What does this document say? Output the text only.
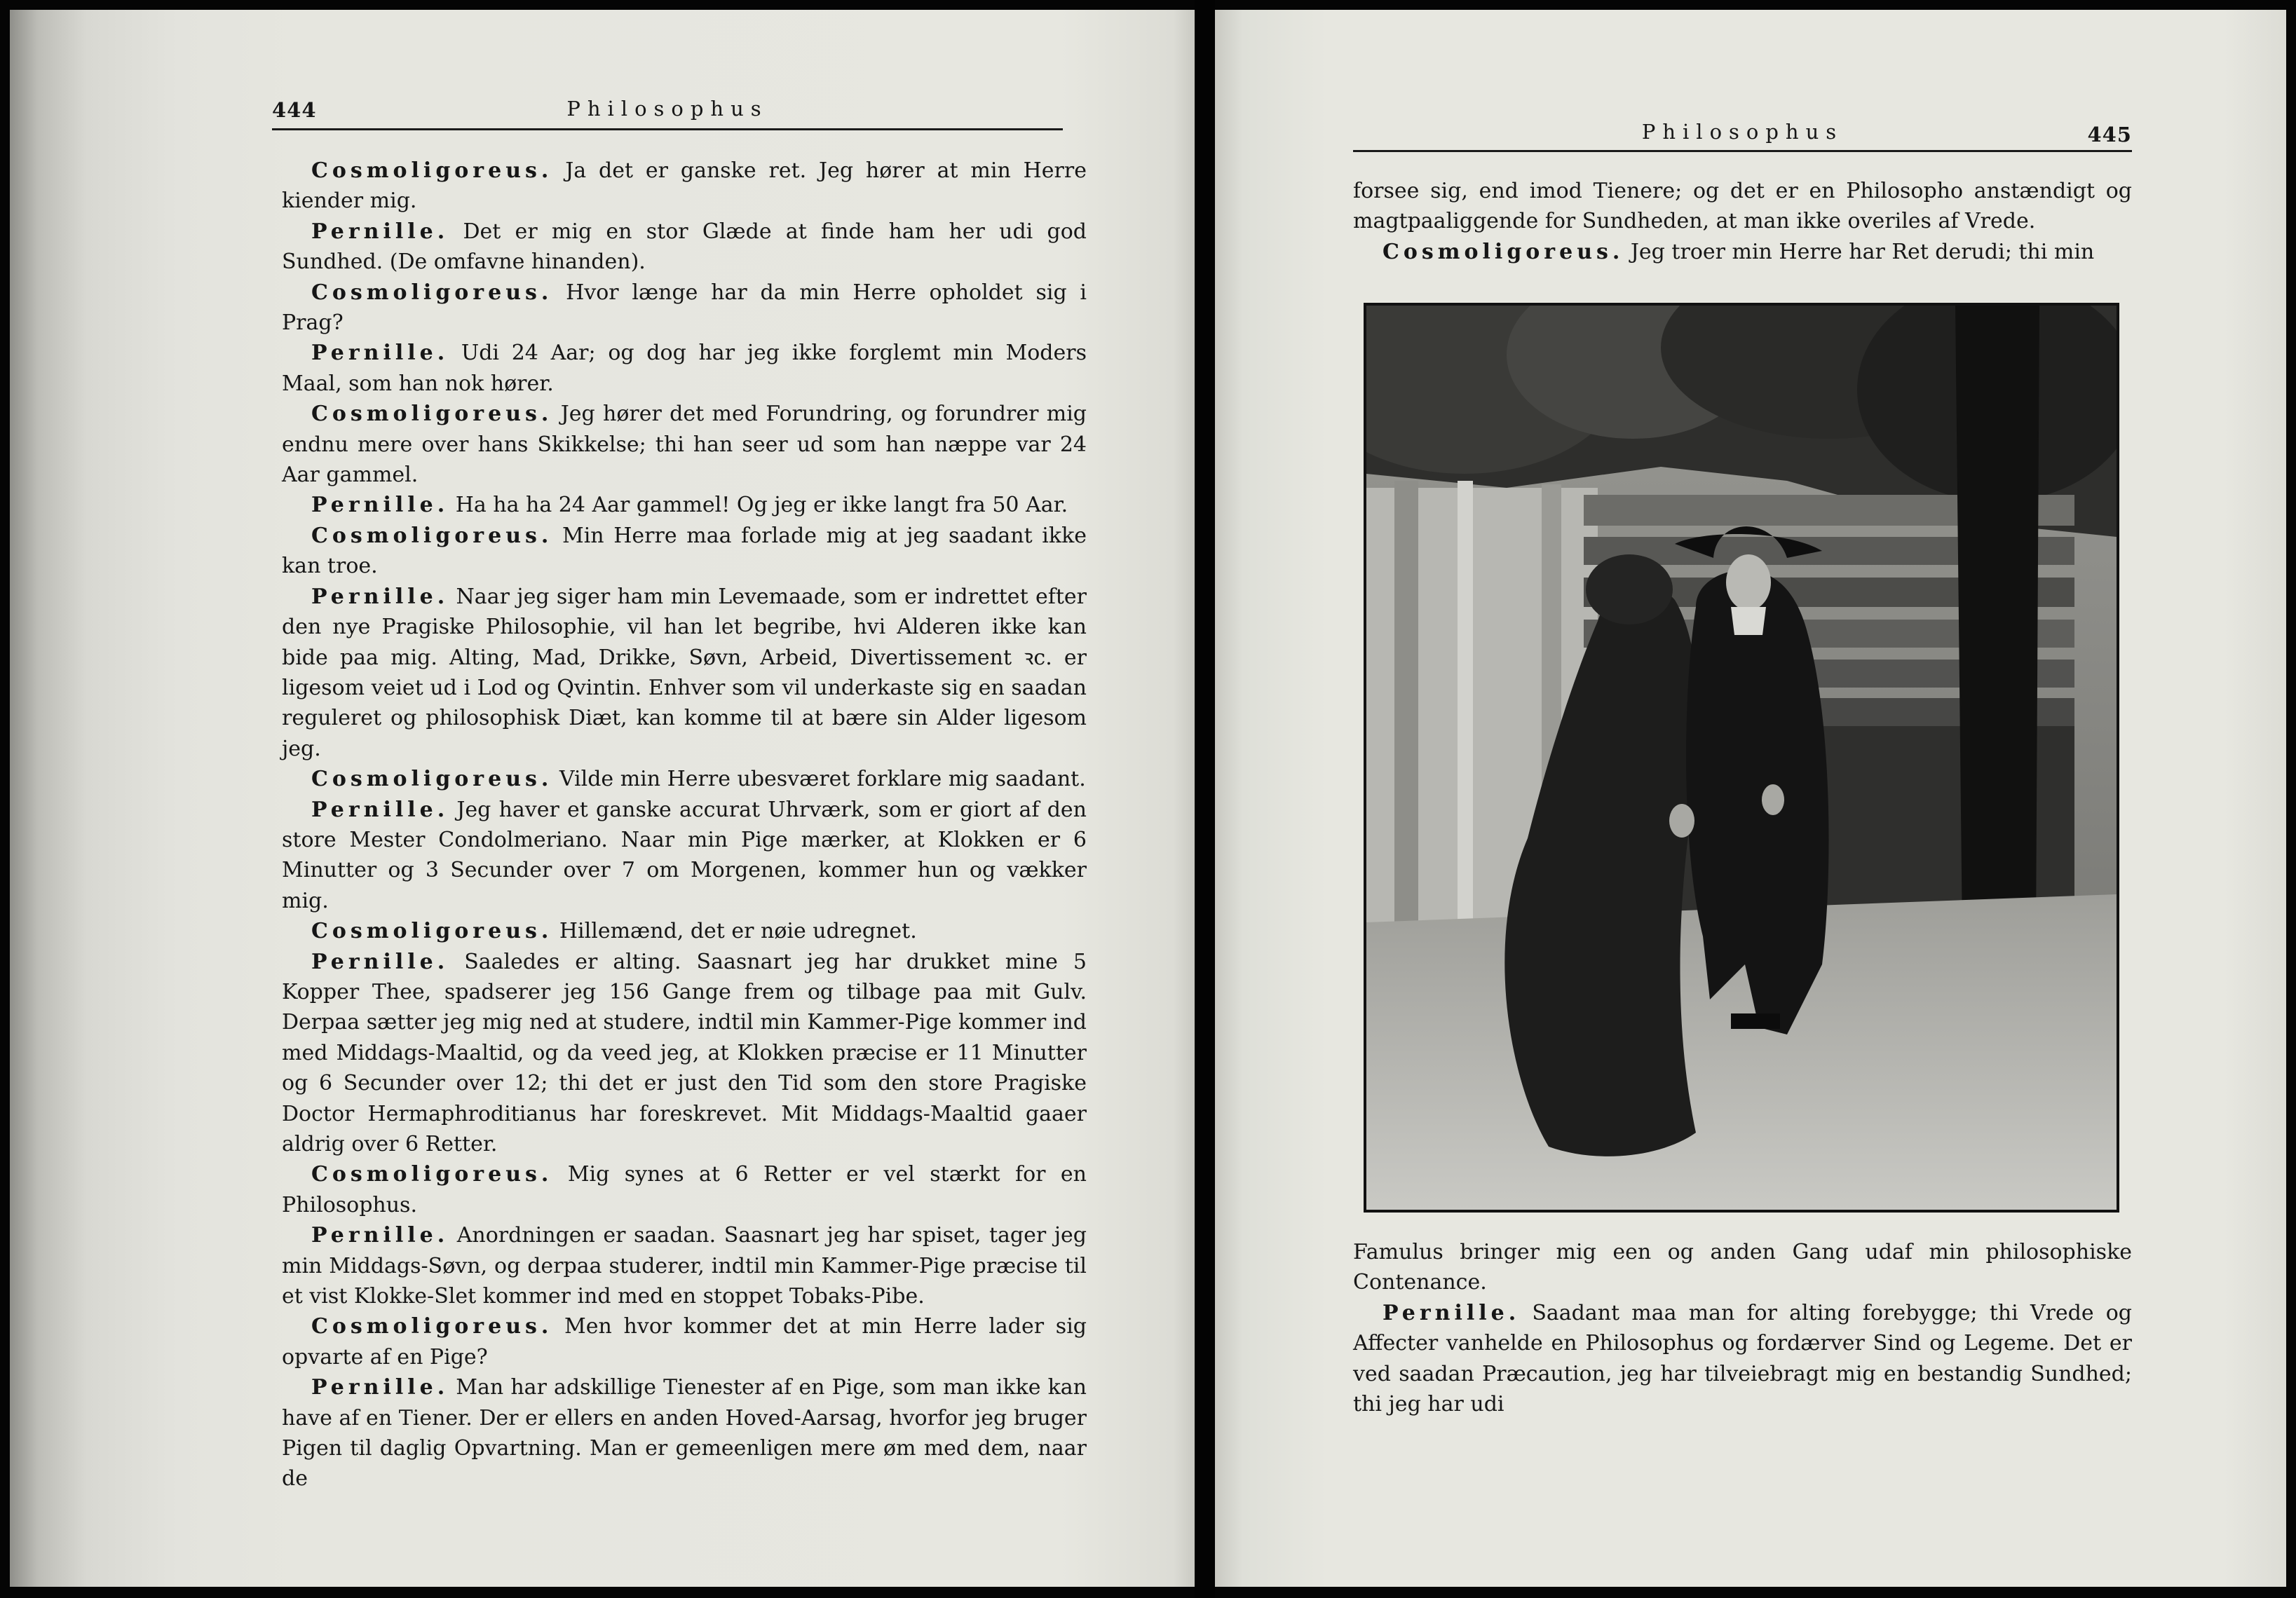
444	Philosophus

Cosmoligoreus. Ja det er ganske ret. Jeg hører at min Herre kiender mig.

Pernille. Det er mig en stor Glæde at finde ham her udi god Sundhed. (De omfavne hinanden).

Cosmoligoreus. Hvor længe har da min Herre opholdet sig i Prag?

Pernille. Udi 24 Aar; og dog har jeg ikke forglemt min Moders Maal, som han nok hører.

Cosmoligoreus. Jeg hører det med Forundring, og forundrer mig endnu mere over hans Skikkelse; thi han seer ud som han næppe var 24 Aar gammel.

Pernille. Ha ha ha 24 Aar gammel! Og jeg er ikke langt fra 50 Aar.

Cosmoligoreus. Min Herre maa forlade mig at jeg saadant ikke kan troe.

Pernille. Naar jeg siger ham min Levemaade, som er indrettet efter den nye Pragiske Philosophie, vil han let begribe, hvi Alderen ikke kan bide paa mig. Alting, Mad, Drikke, Søvn, Arbeid, Divertissement ꝛc. er ligesom veiet ud i Lod og Qvintin. Enhver som vil underkaste sig en saadan reguleret og philosophisk Diæt, kan komme til at bære sin Alder ligesom jeg.

Cosmoligoreus. Vilde min Herre ubesværet forklare mig saadant.

Pernille. Jeg haver et ganske accurat Uhrværk, som er giort af den store Mester Condolmeriano. Naar min Pige mærker, at Klokken er 6 Minutter og 3 Secunder over 7 om Morgenen, kommer hun og vækker mig.

Cosmoligoreus. Hillemænd, det er nøie udregnet.

Pernille. Saaledes er alting. Saasnart jeg har drukket mine 5 Kopper Thee, spadserer jeg 156 Gange frem og tilbage paa mit Gulv. Derpaa sætter jeg mig ned at studere, indtil min Kammer-Pige kommer ind med Middags-Maaltid, og da veed jeg, at Klokken præcise er 11 Minutter og 6 Secunder over 12; thi det er just den Tid som den store Pragiske Doctor Hermaphroditianus har foreskrevet. Mit Middags-Maaltid gaaer aldrig over 6 Retter.

Cosmoligoreus. Mig synes at 6 Retter er vel stærkt for en Philosophus.

Pernille. Anordningen er saadan. Saasnart jeg har spiset, tager jeg min Middags-Søvn, og derpaa studerer, indtil min Kammer-Pige præcise til et vist Klokke-Slet kommer ind med en stoppet Tobaks-Pibe.

Cosmoligoreus. Men hvor kommer det at min Herre lader sig opvarte af en Pige?

Pernille. Man har adskillige Tienester af en Pige, som man ikke kan have af en Tiener. Der er ellers en anden Hoved-Aarsag, hvorfor jeg bruger Pigen til daglig Opvartning. Man er gemeenligen mere øm med dem, naar de

Philosophus	445

forsee sig, end imod Tienere; og det er en Philosopho anstændigt og magtpaaliggende for Sundheden, at man ikke overiles af Vrede.

Cosmoligoreus. Jeg troer min Herre har Ret derudi; thi min

Famulus bringer mig een og anden Gang udaf min philosophiske Contenance.

Pernille. Saadant maa man for alting forebygge; thi Vrede og Affecter vanhelde en Philosophus og fordærver Sind og Legeme. Det er ved saadan Præcaution, jeg har tilveiebragt mig en bestandig Sundhed; thi jeg har udi
